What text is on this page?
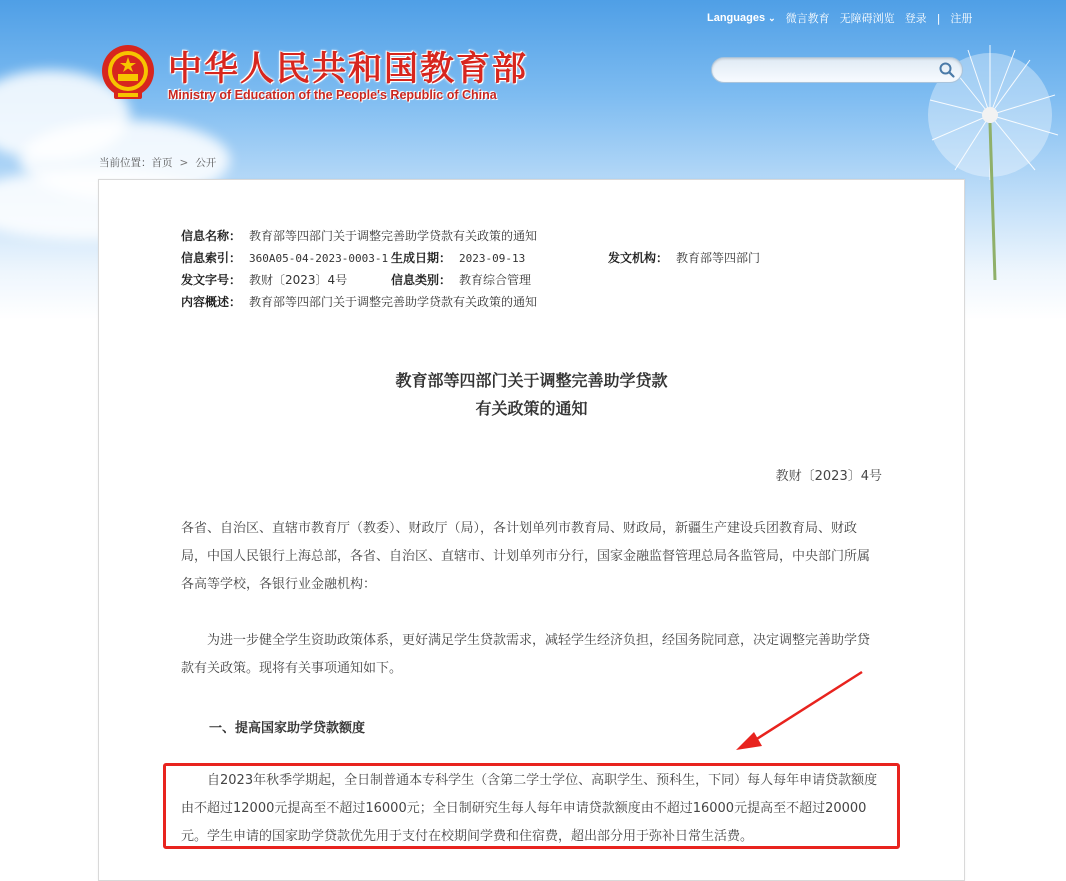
Languages ⌄ 微言教育 无障碍浏览 登录 | 注册
中华人民共和国教育部
Ministry of Education of the People's Republic of China
当前位置：首页 > 公开
信息名称： 教育部等四部门关于调整完善助学贷款有关政策的通知
信息索引： 360A05-04-2023-0003-1 生成日期： 2023-09-13	发文机构： 教育部等四部门
发文字号： 教财〔2023〕4号	信息类别： 教育综合管理
内容概述： 教育部等四部门关于调整完善助学贷款有关政策的通知
教育部等四部门关于调整完善助学贷款
有关政策的通知
教财〔2023〕4号
各省、自治区、直辖市教育厅（教委）、财政厅（局），各计划单列市教育局、财政局，新疆生产建设兵团教育局、财政局，中国人民银行上海总部，各省、自治区、直辖市、计划单列市分行，国家金融监督管理总局各监管局，中央部门所属各高等学校，各银行业金融机构：
为进一步健全学生资助政策体系，更好满足学生贷款需求，减轻学生经济负担，经国务院同意，决定调整完善助学贷款有关政策。现将有关事项通知如下。
一、提高国家助学贷款额度
自2023年秋季学期起，全日制普通本专科学生（含第二学士学位、高职学生、预科生，下同）每人每年申请贷款额度由不超过12000元提高至不超过16000元；全日制研究生每人每年申请贷款额度由不超过16000元提高至不超过20000元。学生申请的国家助学贷款优先用于支付在校期间学费和住宿费，超出部分用于弥补日常生活费。
